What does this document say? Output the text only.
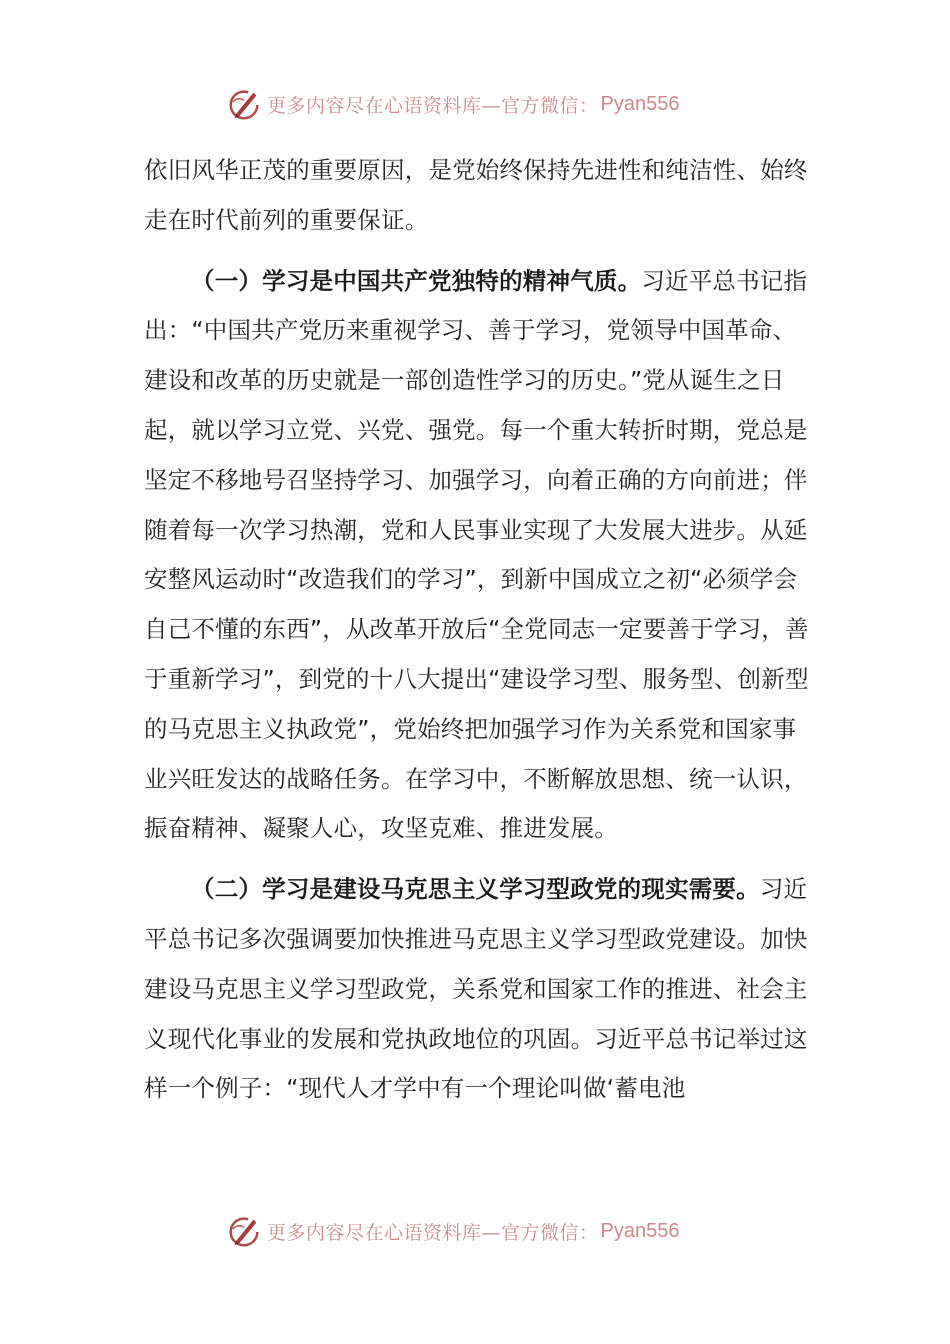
更多内容尽在心语资料库—官方微信： Pyan556

依旧风华正茂的重要原因，是党始终保持先进性和纯洁性、始终走在时代前列的重要保证。

（一）学习是中国共产党独特的精神气质。习近平总书记指出：“中国共产党历来重视学习、善于学习，党领导中国革命、建设和改革的历史就是一部创造性学习的历史。”党从诞生之日起，就以学习立党、兴党、强党。每一个重大转折时期，党总是坚定不移地号召坚持学习、加强学习，向着正确的方向前进；伴随着每一次学习热潮，党和人民事业实现了大发展大进步。从延安整风运动时“改造我们的学习”，到新中国成立之初“必须学会自己不懂的东西”，从改革开放后“全党同志一定要善于学习，善于重新学习”，到党的十八大提出“建设学习型、服务型、创新型的马克思主义执政党”，党始终把加强学习作为关系党和国家事业兴旺发达的战略任务。在学习中，不断解放思想、统一认识，振奋精神、凝聚人心，攻坚克难、推进发展。

（二）学习是建设马克思主义学习型政党的现实需要。习近平总书记多次强调要加快推进马克思主义学习型政党建设。加快建设马克思主义学习型政党，关系党和国家工作的推进、社会主义现代化事业的发展和党执政地位的巩固。习近平总书记举过这样一个例子：“现代人才学中有一个理论叫做‘蓄电池

更多内容尽在心语资料库—官方微信： Pyan556
